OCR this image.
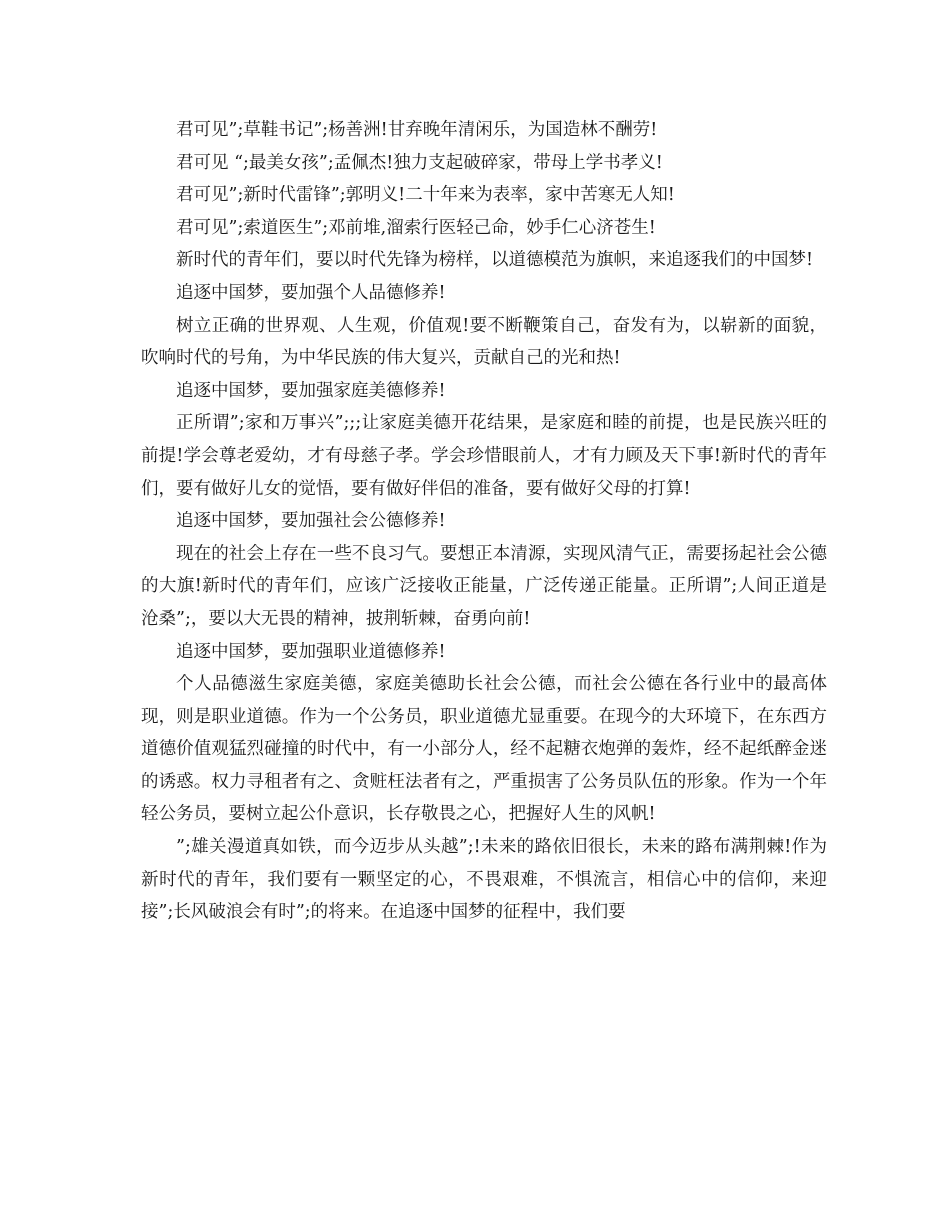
君可见”;草鞋书记”;杨善洲!甘弃晚年清闲乐，为国造林不酬劳!

君可见 “;最美女孩”;孟佩杰!独力支起破碎家，带母上学书孝义!

君可见”;新时代雷锋”;郭明义!二十年来为表率，家中苦寒无人知!

君可见”;索道医生”;邓前堆,溜索行医轻己命，妙手仁心济苍生!

新时代的青年们，要以时代先锋为榜样，以道德模范为旗帜，来追逐我们的中国梦!

追逐中国梦，要加强个人品德修养!

树立正确的世界观、人生观，价值观!要不断鞭策自己，奋发有为，以崭新的面貌，吹响时代的号角，为中华民族的伟大复兴，贡献自己的光和热!

追逐中国梦，要加强家庭美德修养!

正所谓”;家和万事兴”;;;让家庭美德开花结果，是家庭和睦的前提，也是民族兴旺的前提!学会尊老爱幼，才有母慈子孝。学会珍惜眼前人，才有力顾及天下事!新时代的青年们，要有做好儿女的觉悟，要有做好伴侣的准备，要有做好父母的打算!

追逐中国梦，要加强社会公德修养!

现在的社会上存在一些不良习气。要想正本清源，实现风清气正，需要扬起社会公德的大旗!新时代的青年们，应该广泛接收正能量，广泛传递正能量。正所谓”;人间正道是沧桑”;，要以大无畏的精神，披荆斩棘，奋勇向前!

追逐中国梦，要加强职业道德修养!

个人品德滋生家庭美德，家庭美德助长社会公德，而社会公德在各行业中的最高体现，则是职业道德。作为一个公务员，职业道德尤显重要。在现今的大环境下，在东西方道德价值观猛烈碰撞的时代中，有一小部分人，经不起糖衣炮弹的轰炸，经不起纸醉金迷的诱惑。权力寻租者有之、贪赃枉法者有之，严重损害了公务员队伍的形象。作为一个年轻公务员，要树立起公仆意识，长存敬畏之心，把握好人生的风帆!

”;雄关漫道真如铁，而今迈步从头越”;!未来的路依旧很长，未来的路布满荆棘!作为新时代的青年，我们要有一颗坚定的心，不畏艰难，不惧流言，相信心中的信仰，来迎接”;长风破浪会有时”;的将来。在追逐中国梦的征程中，我们要
